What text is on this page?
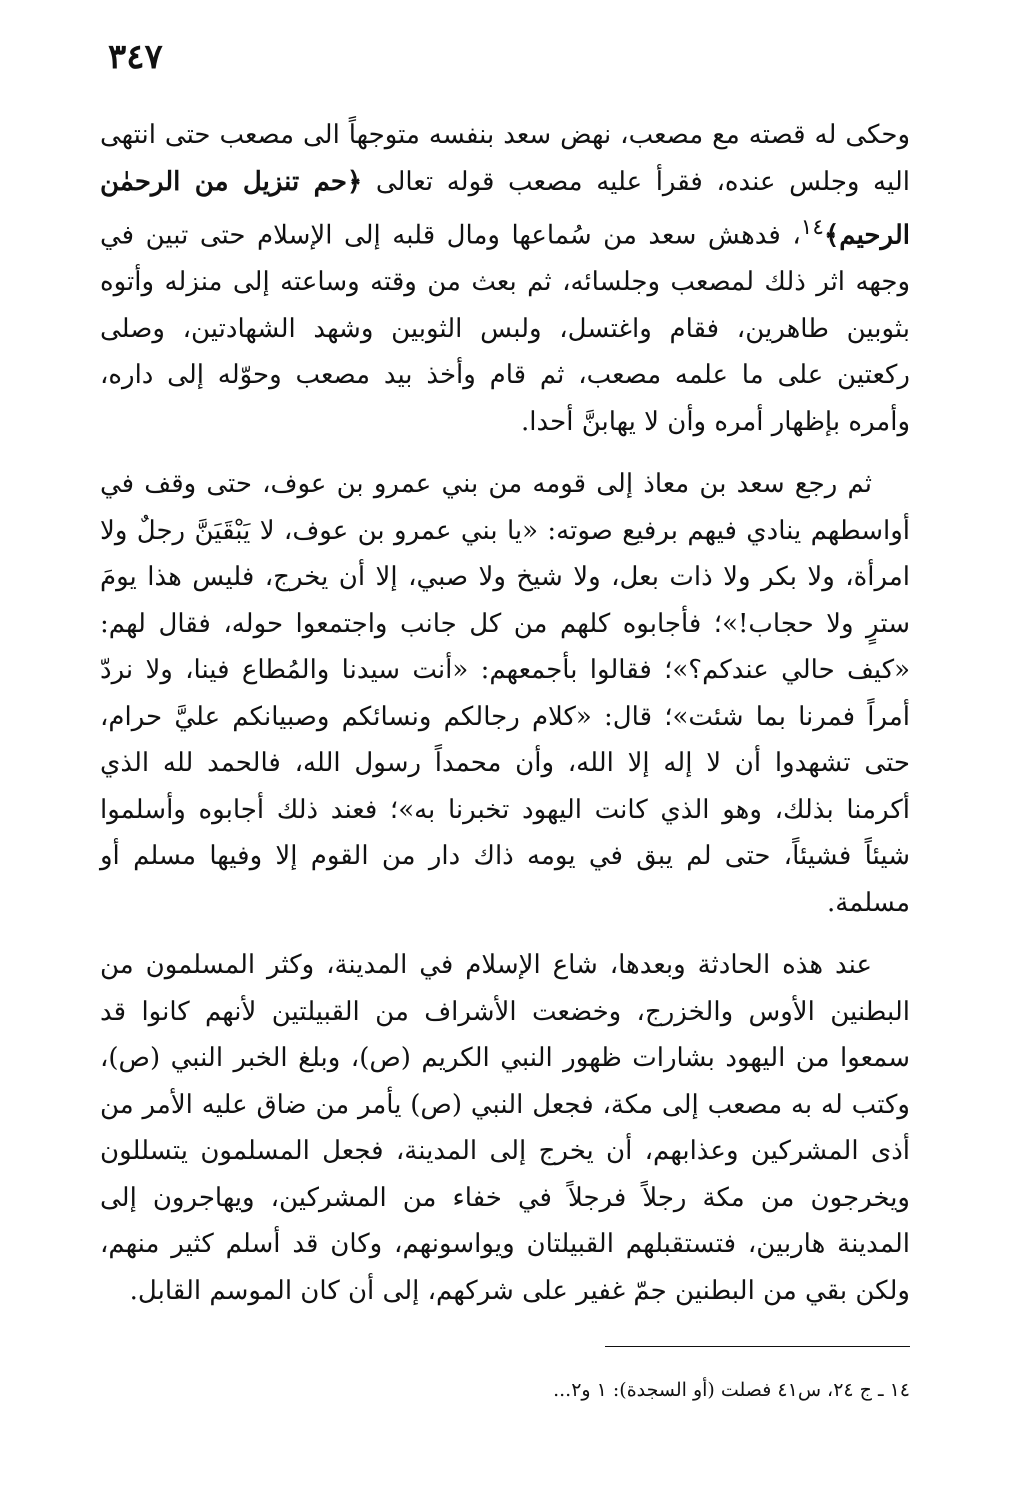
٣٤٧

وحكى له قصته مع مصعب، نهض سعد بنفسه متوجهاً الى مصعب حتى انتهى اليه وجلس عنده، فقرأ عليه مصعب قوله تعالى ﴿حم تنزيل من الرحمٰن الرحيم﴾$^{١٤}$، فدهش سعد من سُماعها ومال قلبه إلى الإسلام حتى تبين في وجهه اثر ذلك لمصعب وجلسائه، ثم بعث من وقته وساعته إلى منزله وأتوه بثوبين طاهرين، فقام واغتسل، ولبس الثوبين وشهد الشهادتين، وصلى ركعتين على ما علمه مصعب، ثم قام وأخذ بيد مصعب وحوّله إلى داره، وأمره بإظهار أمره وأن لا يهابنَّ أحدا.

ثم رجع سعد بن معاذ إلى قومه من بني عمرو بن عوف، حتى وقف في أواسطهم ينادي فيهم برفيع صوته: «يا بني عمرو بن عوف، لا يَبْقَيَنَّ رجلٌ ولا امرأة، ولا بكر ولا ذات بعل، ولا شيخ ولا صبي، إلا أن يخرج، فليس هذا يومَ سترٍ ولا حجاب!»؛ فأجابوه كلهم من كل جانب واجتمعوا حوله، فقال لهم: «كيف حالي عندكم؟»؛ فقالوا بأجمعهم: «أنت سيدنا والمُطاع فينا، ولا نردّ أمراً فمرنا بما شئت»؛ قال: «كلام رجالكم ونسائكم وصبيانكم عليَّ حرام، حتى تشهدوا أن لا إله إلا الله، وأن محمداً رسول الله، فالحمد لله الذي أكرمنا بذلك، وهو الذي كانت اليهود تخبرنا به»؛ فعند ذلك أجابوه وأسلموا شيئاً فشيئاً، حتى لم يبق في يومه ذاك دار من القوم إلا وفيها مسلم أو مسلمة.

عند هذه الحادثة وبعدها، شاع الإسلام في المدينة، وكثر المسلمون من البطنين الأوس والخزرج، وخضعت الأشراف من القبيلتين لأنهم كانوا قد سمعوا من اليهود بشارات ظهور النبي الكريم (ص)، وبلغ الخبر النبي (ص)، وكتب له به مصعب إلى مكة، فجعل النبي (ص) يأمر من ضاق عليه الأمر من أذى المشركين وعذابهم، أن يخرج إلى المدينة، فجعل المسلمون يتسللون ويخرجون من مكة رجلاً فرجلاً في خفاء من المشركين، ويهاجرون إلى المدينة هاربين، فتستقبلهم القبيلتان ويواسونهم، وكان قد أسلم كثير منهم، ولكن بقي من البطنين جمّ غفير على شركهم، إلى أن كان الموسم القابل.

١٤ ـ ج ٢٤، س٤١ فصلت (أو السجدة): ١ و٢...
